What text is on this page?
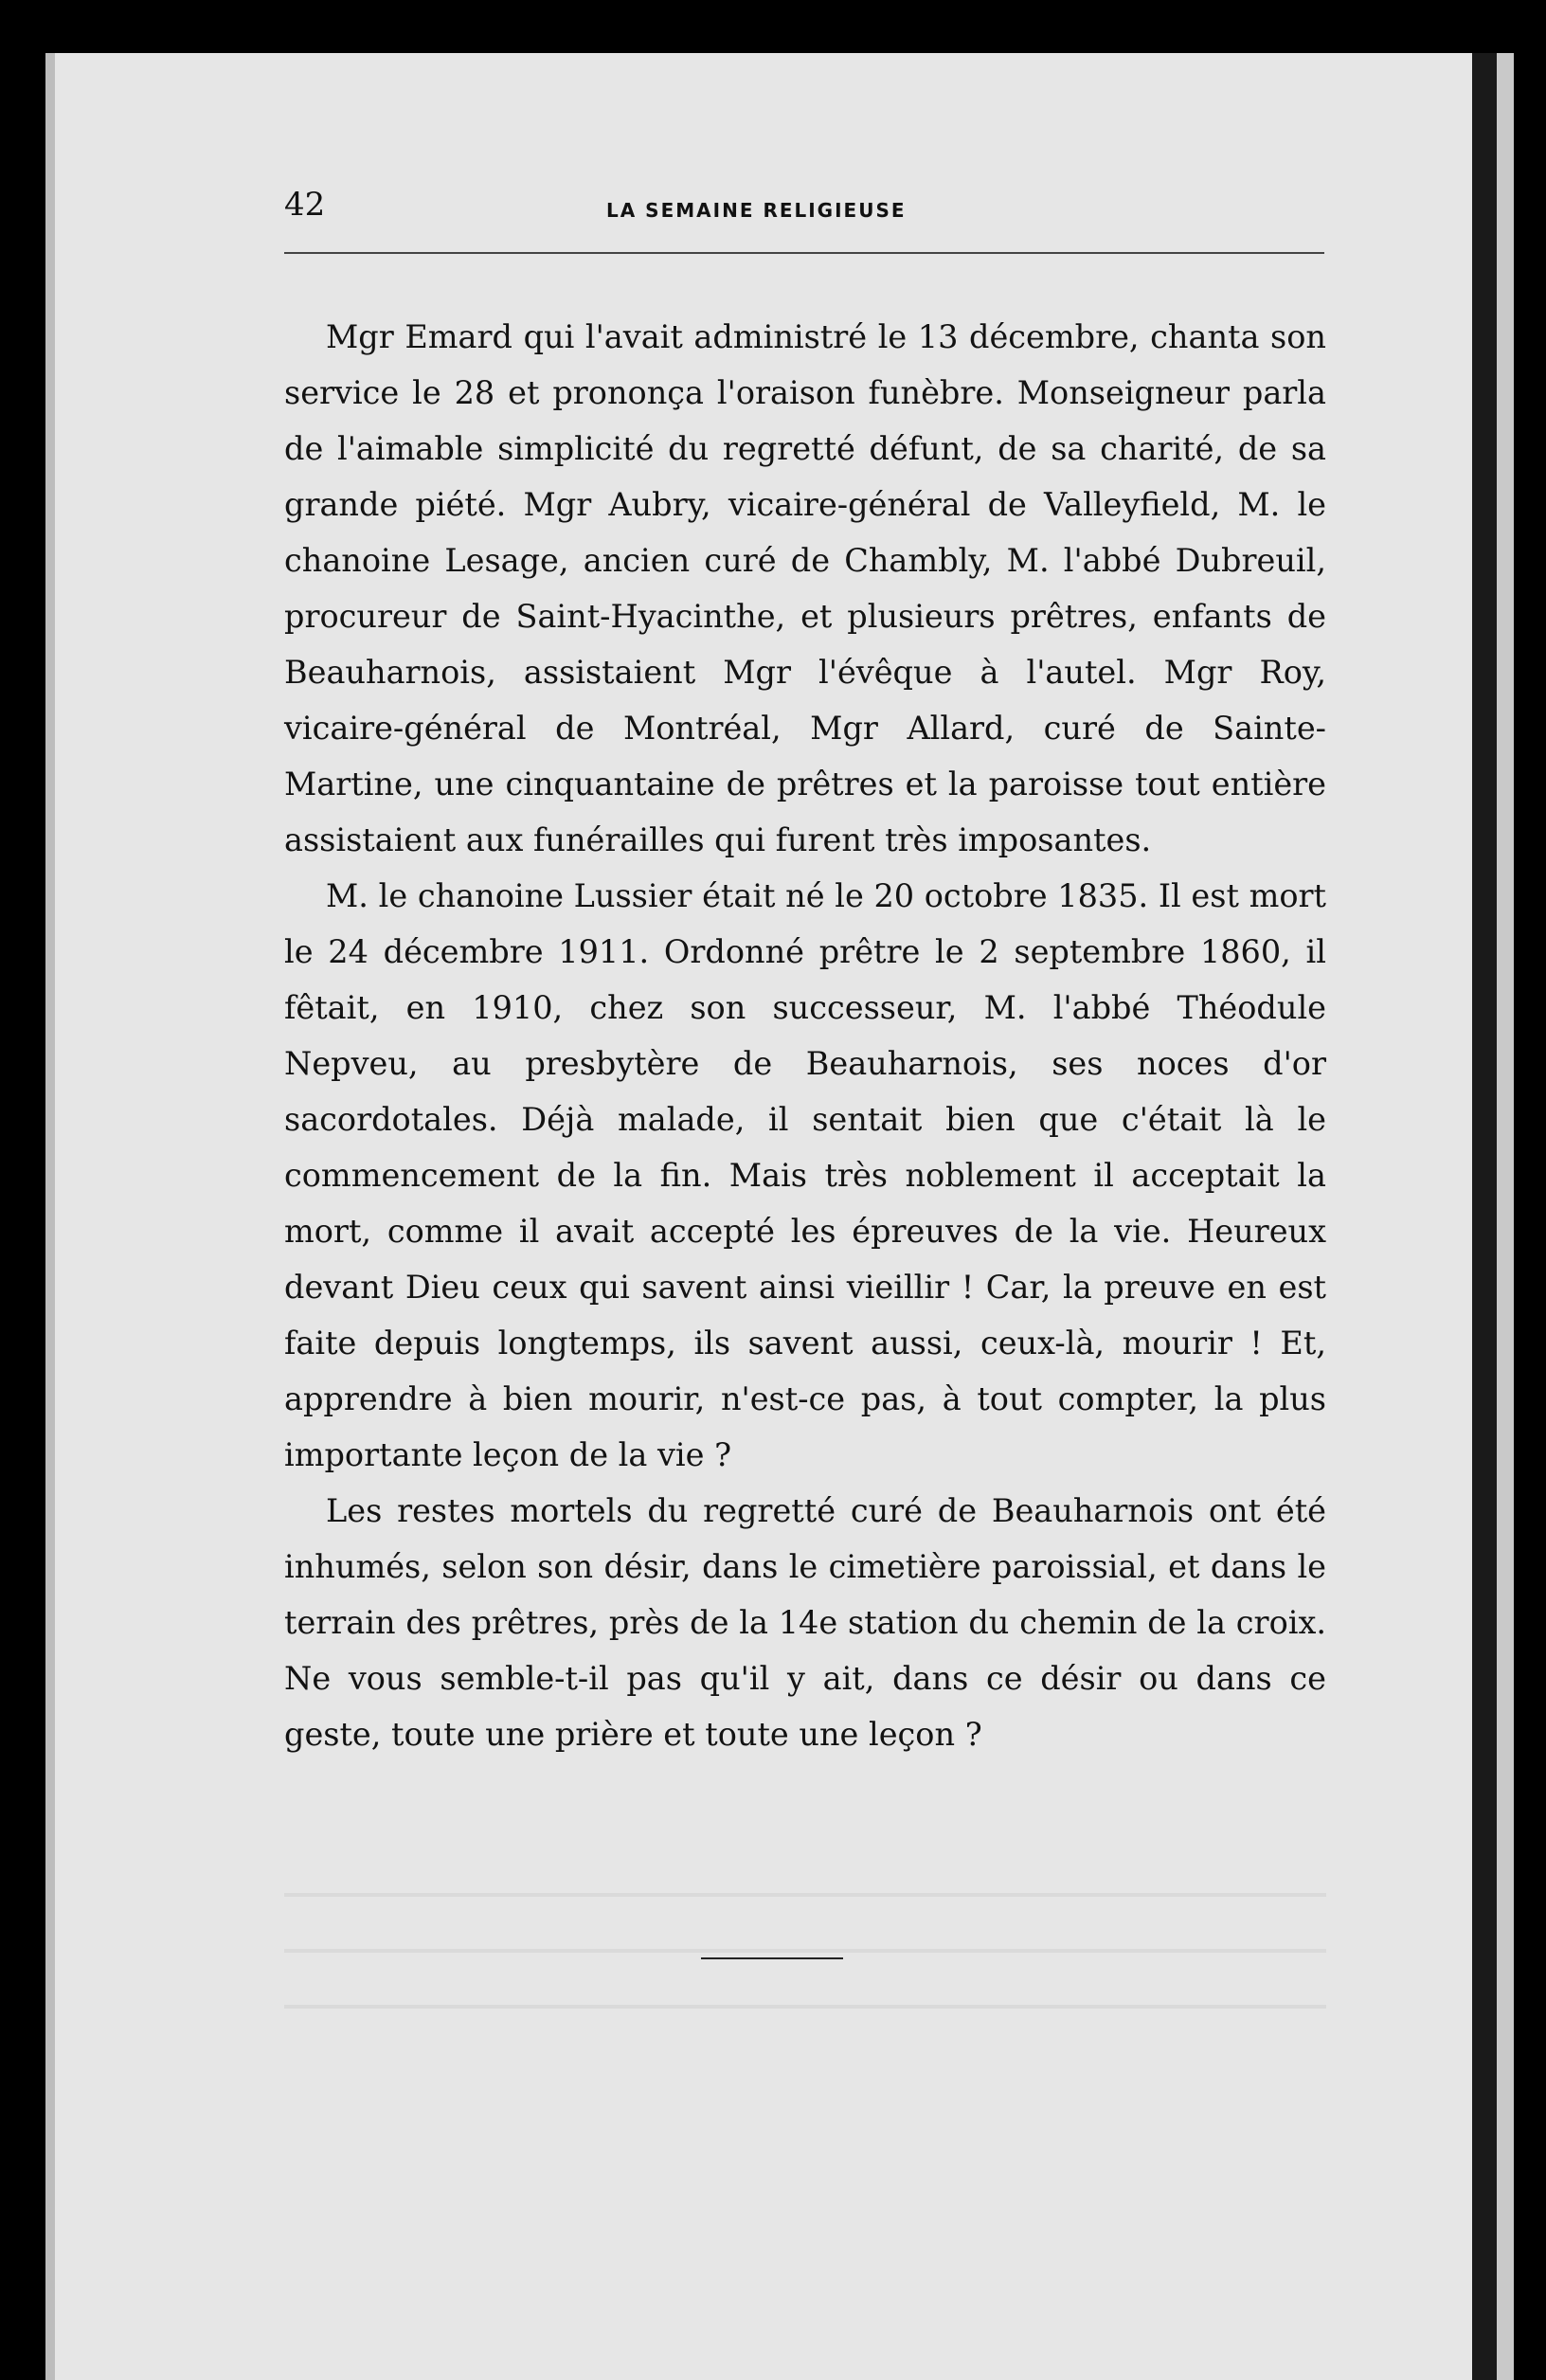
42	LA SEMAINE RELIGIEUSE

Mgr Emard qui l'avait administré le 13 décembre, chanta son service le 28 et prononça l'oraison funèbre. Monseigneur parla de l'aimable simplicité du regretté défunt, de sa charité, de sa grande piété. Mgr Aubry, vicaire-général de Valleyfield, M. le chanoine Lesage, ancien curé de Chambly, M. l'abbé Dubreuil, procureur de Saint-Hyacinthe, et plusieurs prêtres, enfants de Beauharnois, assistaient Mgr l'évêque à l'autel. Mgr Roy, vicaire-général de Montréal, Mgr Allard, curé de Sainte-Martine, une cinquantaine de prêtres et la paroisse tout entière assistaient aux funérailles qui furent très imposantes.

M. le chanoine Lussier était né le 20 octobre 1835. Il est mort le 24 décembre 1911. Ordonné prêtre le 2 septembre 1860, il fêtait, en 1910, chez son successeur, M. l'abbé Théodule Nepveu, au presbytère de Beauharnois, ses noces d'or sacordotales. Déjà malade, il sentait bien que c'était là le commencement de la fin. Mais très noblement il acceptait la mort, comme il avait accepté les épreuves de la vie. Heureux devant Dieu ceux qui savent ainsi vieillir ! Car, la preuve en est faite depuis longtemps, ils savent aussi, ceux-là, mourir ! Et, apprendre à bien mourir, n'est-ce pas, à tout compter, la plus importante leçon de la vie ?

Les restes mortels du regretté curé de Beauharnois ont été inhumés, selon son désir, dans le cimetière paroissial, et dans le terrain des prêtres, près de la 14e station du chemin de la croix. Ne vous semble-t-il pas qu'il y ait, dans ce désir ou dans ce geste, toute une prière et toute une leçon ?
